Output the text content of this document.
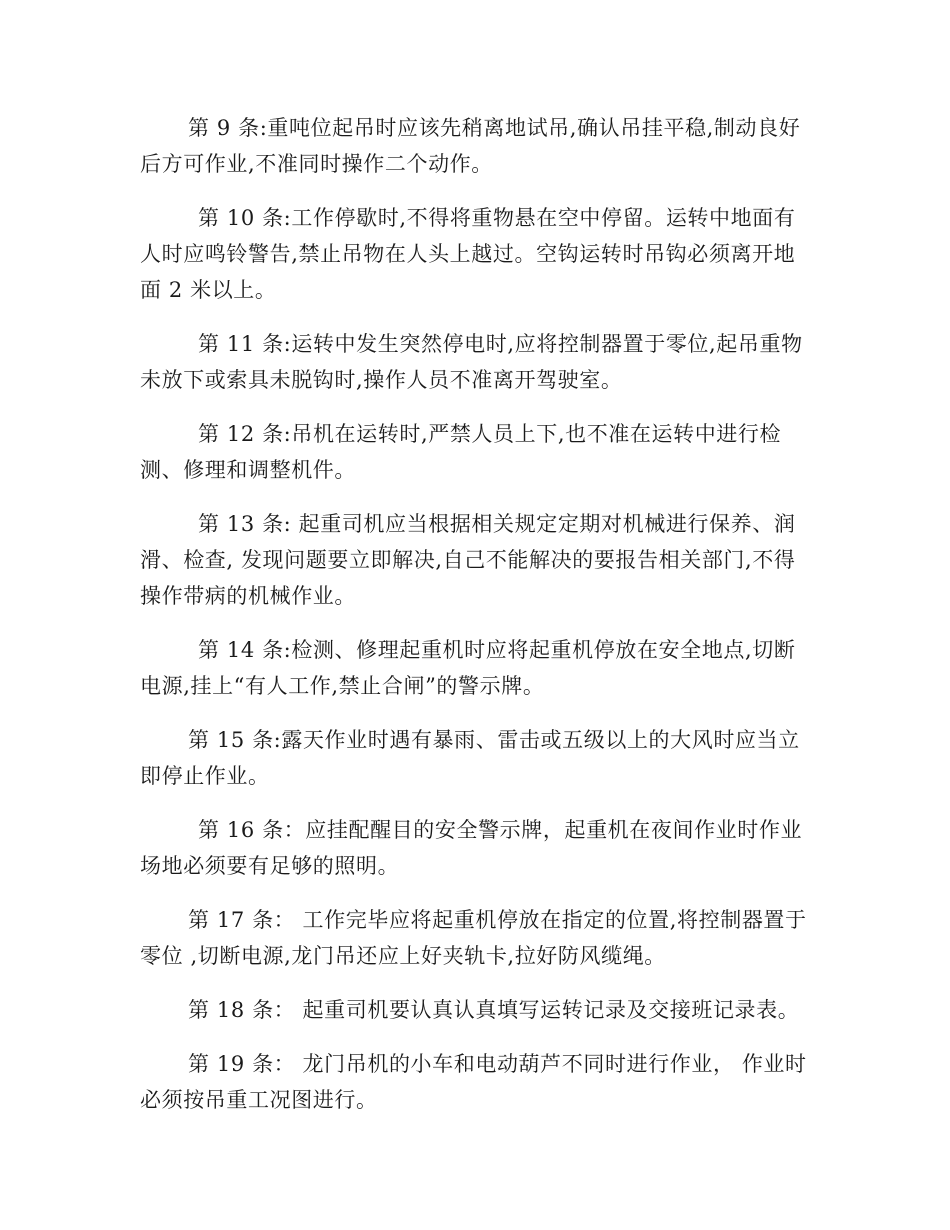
第 9 条:重吨位起吊时应该先稍离地试吊,确认吊挂平稳,制动良好后方可作业,不准同时操作二个动作。

第 10 条:工作停歇时,不得将重物悬在空中停留。运转中地面有人时应鸣铃警告,禁止吊物在人头上越过。空钩运转时吊钩必须离开地面 2 米以上。

第 11 条:运转中发生突然停电时,应将控制器置于零位,起吊重物未放下或索具未脱钩时,操作人员不准离开驾驶室。

第 12 条:吊机在运转时,严禁人员上下,也不准在运转中进行检测、修理和调整机件。

第 13 条: 起重司机应当根据相关规定定期对机械进行保养、润滑、检查, 发现问题要立即解决,自己不能解决的要报告相关部门,不得操作带病的机械作业。

第 14 条:检测、修理起重机时应将起重机停放在安全地点,切断电源,挂上“有人工作,禁止合闸”的警示牌。

第 15 条:露天作业时遇有暴雨、雷击或五级以上的大风时应当立即停止作业。

第 16 条：应挂配醒目的安全警示牌，起重机在夜间作业时作业场地必须要有足够的照明。

第 17 条： 工作完毕应将起重机停放在指定的位置,将控制器置于零位 ,切断电源,龙门吊还应上好夹轨卡,拉好防风缆绳。

第 18 条： 起重司机要认真认真填写运转记录及交接班记录表。

第 19 条： 龙门吊机的小车和电动葫芦不同时进行作业， 作业时必须按吊重工况图进行。
